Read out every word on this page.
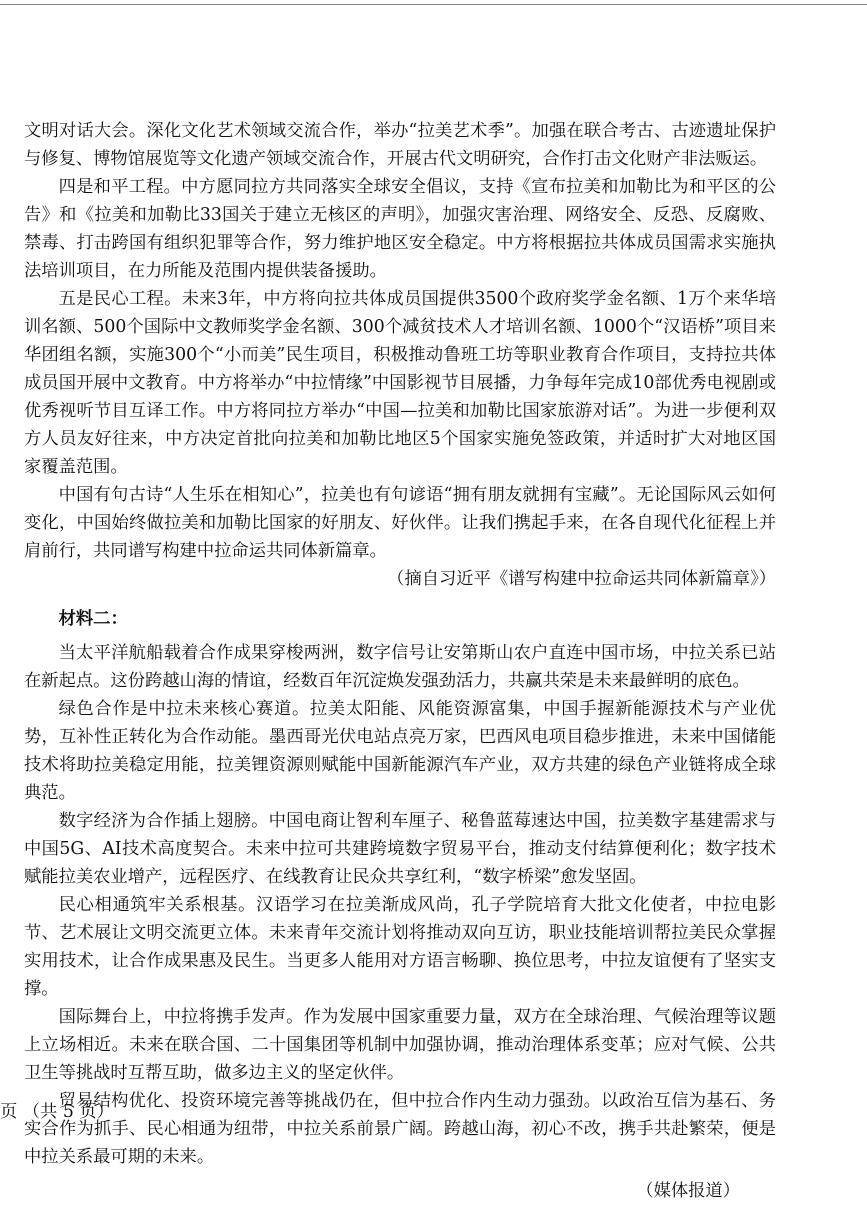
文明对话大会。深化文化艺术领域交流合作，举办“拉美艺术季”。加强在联合考古、古迹遗址保护与修复、博物馆展览等文化遗产领域交流合作，开展古代文明研究，合作打击文化财产非法贩运。

四是和平工程。中方愿同拉方共同落实全球安全倡议，支持《宣布拉美和加勒比为和平区的公告》和《拉美和加勒比33国关于建立无核区的声明》，加强灾害治理、网络安全、反恐、反腐败、禁毒、打击跨国有组织犯罪等合作，努力维护地区安全稳定。中方将根据拉共体成员国需求实施执法培训项目，在力所能及范围内提供装备援助。

五是民心工程。未来3年，中方将向拉共体成员国提供3500个政府奖学金名额、1万个来华培训名额、500个国际中文教师奖学金名额、300个减贫技术人才培训名额、1000个“汉语桥”项目来华团组名额，实施300个“小而美”民生项目，积极推动鲁班工坊等职业教育合作项目，支持拉共体成员国开展中文教育。中方将举办“中拉情缘”中国影视节目展播，力争每年完成10部优秀电视剧或优秀视听节目互译工作。中方将同拉方举办“中国—拉美和加勒比国家旅游对话”。为进一步便利双方人员友好往来，中方决定首批向拉美和加勒比地区5个国家实施免签政策，并适时扩大对地区国家覆盖范围。

中国有句古诗“人生乐在相知心”，拉美也有句谚语“拥有朋友就拥有宝藏”。无论国际风云如何变化，中国始终做拉美和加勒比国家的好朋友、好伙伴。让我们携起手来，在各自现代化征程上并肩前行，共同谱写构建中拉命运共同体新篇章。

（摘自习近平《谱写构建中拉命运共同体新篇章》）

材料二：

当太平洋航船载着合作成果穿梭两洲，数字信号让安第斯山农户直连中国市场，中拉关系已站在新起点。这份跨越山海的情谊，经数百年沉淀焕发强劲活力，共赢共荣是未来最鲜明的底色。

绿色合作是中拉未来核心赛道。拉美太阳能、风能资源富集，中国手握新能源技术与产业优势，互补性正转化为合作动能。墨西哥光伏电站点亮万家，巴西风电项目稳步推进，未来中国储能技术将助拉美稳定用能，拉美锂资源则赋能中国新能源汽车产业，双方共建的绿色产业链将成全球典范。

数字经济为合作插上翅膀。中国电商让智利车厘子、秘鲁蓝莓速达中国，拉美数字基建需求与中国5G、AI技术高度契合。未来中拉可共建跨境数字贸易平台，推动支付结算便利化；数字技术赋能拉美农业增产，远程医疗、在线教育让民众共享红利，“数字桥梁”愈发坚固。

民心相通筑牢关系根基。汉语学习在拉美渐成风尚，孔子学院培育大批文化使者，中拉电影节、艺术展让文明交流更立体。未来青年交流计划将推动双向互访，职业技能培训帮拉美民众掌握实用技术，让合作成果惠及民生。当更多人能用对方语言畅聊、换位思考，中拉友谊便有了坚实支撑。

国际舞台上，中拉将携手发声。作为发展中国家重要力量，双方在全球治理、气候治理等议题上立场相近。未来在联合国、二十国集团等机制中加强协调，推动治理体系变革；应对气候、公共卫生等挑战时互帮互助，做多边主义的坚定伙伴。

贸易结构优化、投资环境完善等挑战仍在，但中拉合作内生动力强劲。以政治互信为基石、务实合作为抓手、民心相通为纽带，中拉关系前景广阔。跨越山海，初心不改，携手共赴繁荣，便是中拉关系最可期的未来。

（媒体报道）

页 （共 5 页）
